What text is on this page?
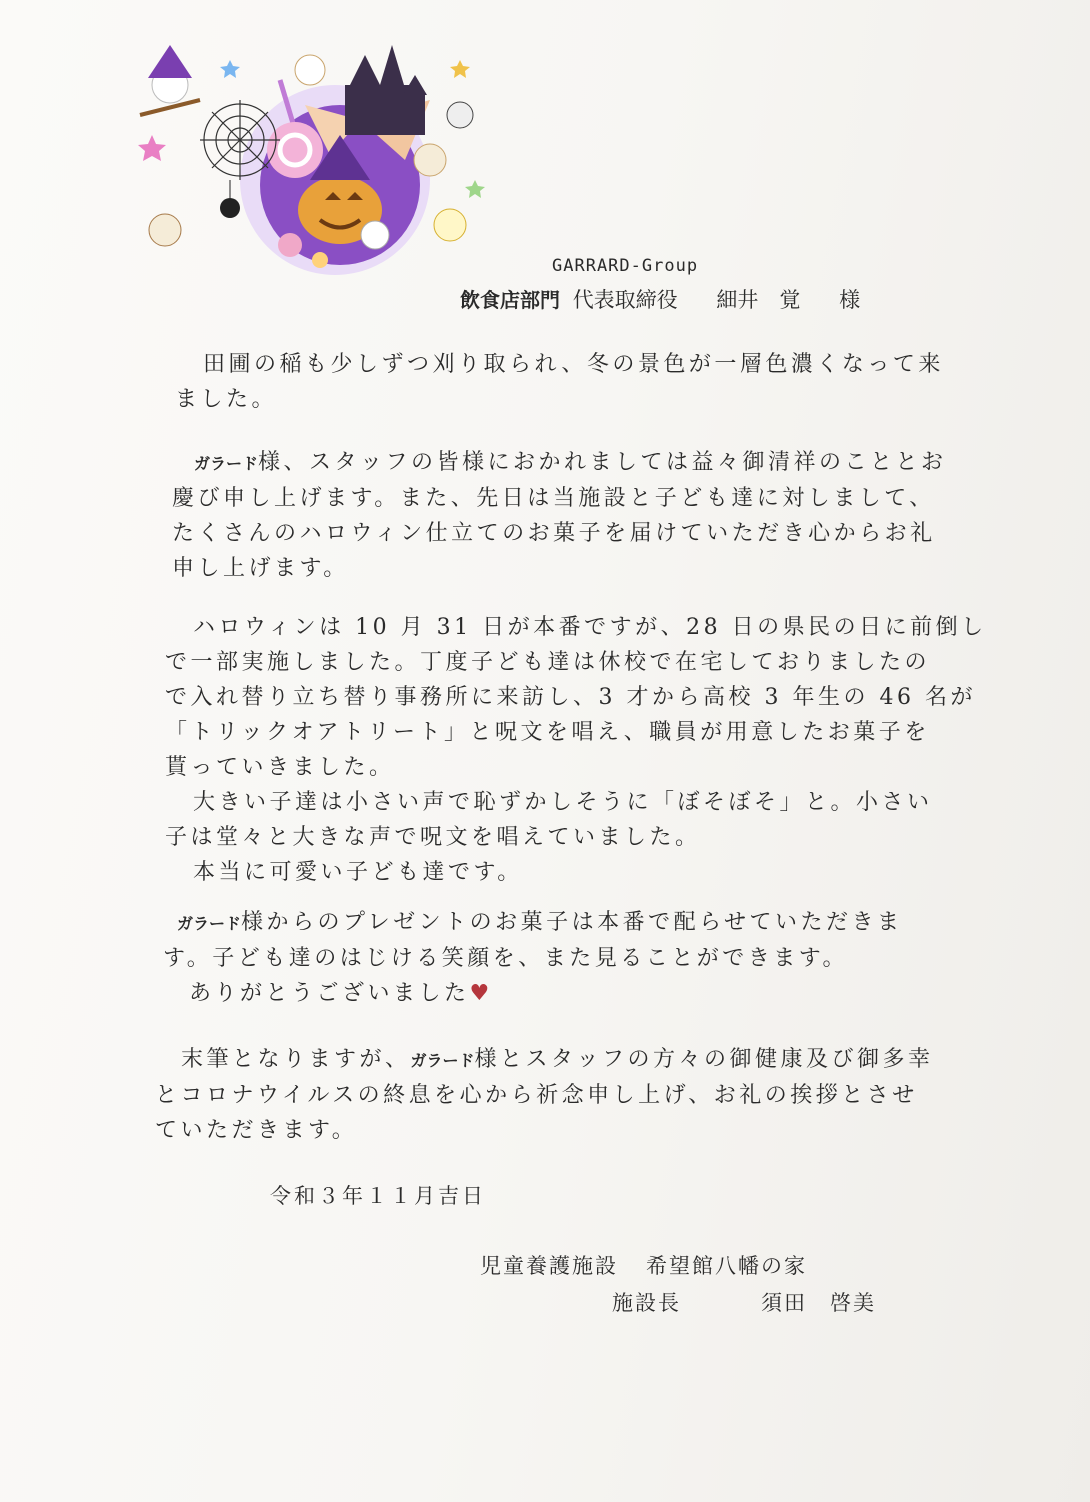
GARRARD-Group
飲食店部門 代表取締役 細井　覚 様
田圃の稲も少しずつ刈り取られ、冬の景色が一層色濃くなって来
ました。
ガラード様、スタッフの皆様におかれましては益々御清祥のこととお
慶び申し上げます。また、先日は当施設と子ども達に対しまして、
たくさんのハロウィン仕立てのお菓子を届けていただき心からお礼
申し上げます。
ハロウィンは 10 月 31 日が本番ですが、28 日の県民の日に前倒し
で一部実施しました。丁度子ども達は休校で在宅しておりましたの
で入れ替り立ち替り事務所に来訪し、3 才から高校 3 年生の 46 名が
「トリックオアトリート」と呪文を唱え、職員が用意したお菓子を
貰っていきました。
大きい子達は小さい声で恥ずかしそうに「ぼそぼそ」と。小さい
子は堂々と大きな声で呪文を唱えていました。
本当に可愛い子ども達です。
ガラード様からのプレゼントのお菓子は本番で配らせていただきま
す。子ども達のはじける笑顔を、また見ることができます。
ありがとうございました♥
末筆となりますが、ガラード様とスタッフの方々の御健康及び御多幸
とコロナウイルスの終息を心から祈念申し上げ、お礼の挨拶とさせ
ていただきます。
令和３年１１月吉日
児童養護施設 希望館八幡の家
施設長	須田　啓美
